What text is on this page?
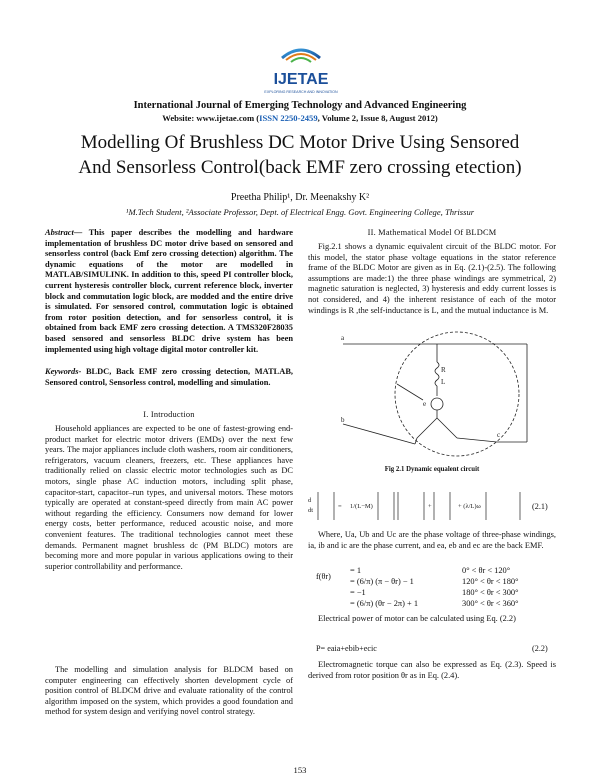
IJETAE
EXPLORING RESEARCH AND INNOVATION
International Journal of Emerging Technology and Advanced Engineering
Website: www.ijetae.com (ISSN 2250-2459, Volume 2, Issue 8, August 2012)
Modelling Of Brushless DC Motor Drive Using Sensored
And Sensorless Control(back EMF zero crossing etection)
Preetha Philip¹, Dr. Meenakshy K²
¹M.Tech Student, ²Associate Professor, Dept. of Electrical Engg. Govt. Engineering College, Thrissur
Abstract— This paper describes the modelling and hardware implementation of brushless DC motor drive based on sensored and sensorless control (back Emf zero crossing detection) algorithm. The dynamic equations of the motor are modelled in MATLAB/SIMULINK. In addition to this, speed PI controller block, current hysteresis controller block, current reference block, inverter block and commutation logic block, are modded and the entire drive is simulated. For sensored control, commutation logic is obtained from rotor position detection, and for sensorless control, it is obtained from back EMF zero crossing detection. A TMS320F28035 based sensored and sensorless BLDC drive system has been implemented using high voltage digital motor controller kit.
Keywords- BLDC, Back EMF zero crossing detection, MATLAB, Sensored control, Sensorless control, modelling and simulation.
I. Introduction
Household appliances are expected to be one of fastest-growing end-product market for electric motor drivers (EMDs) over the next few years. The major appliances include cloth washers, room air conditioners, refrigerators, vacuum cleaners, freezers, etc. These appliances have traditionally relied on classic electric motor technologies such as DC motors, single phase AC induction motors, including split phase, capacitor-start, capacitor–run types, and universal motors. These motors typically are operated at constant-speed directly from main AC power without regarding the efficiency. Consumers now demand for lower energy costs, better performance, reduced acoustic noise, and more convenient features. The traditional technologies cannot meet these demands. Permanent magnet brushless dc (PM BLDC) motors are becoming more and more popular in various applications owing to their superior controllability and performance.
The modelling and simulation analysis for BLDCM based on computer engineering can effectively shorten development cycle of position control of BLDCM drive and evaluate rationality of the control algorithm imposed on the system, which provides a good foundation and method for system design and verifying novel control strategy.
II. Mathematical Model Of BLDCM
Fig.2.1 shows a dynamic equivalent circuit of the BLDC motor. For this model, the stator phase voltage equations in the stator reference frame of the BLDC Motor are given as in Eq. (2.1)-(2.5). The following assumptions are made:1) the three phase windings are symmetrical, 2) magnetic saturation is neglected, 3) hysteresis and eddy current losses is not considered, and 4) the inherent resistance of each of the motor windings is R ,the self-inductance is L, and the mutual inductance is M.
a
b
R
L
e
c
Fig 2.1 Dynamic equalent circuit
d
dt
= 1/(L−M)	+	+ (λ/L)ω	(2.1)
Where, Ua, Ub and Uc are the phase voltage of three-phase windings, ia, ib and ic are the phase current, and ea, eb and ec are the back EMF.
f(θr)
= 1	0° < θr < 120°
= (6/π) (π − θr) − 1	120° < θr < 180°
= −1	180° < θr < 300°
= (6/π) (θr − 2π) + 1	300° < θr < 360°
Electrical power of motor can be calculated using Eq. (2.2)
P= eaia+ebib+ecic	(2.2)
Electromagnetic torque can also be expressed as Eq. (2.3). Speed is derived from rotor position θr as in Eq. (2.4).
153
